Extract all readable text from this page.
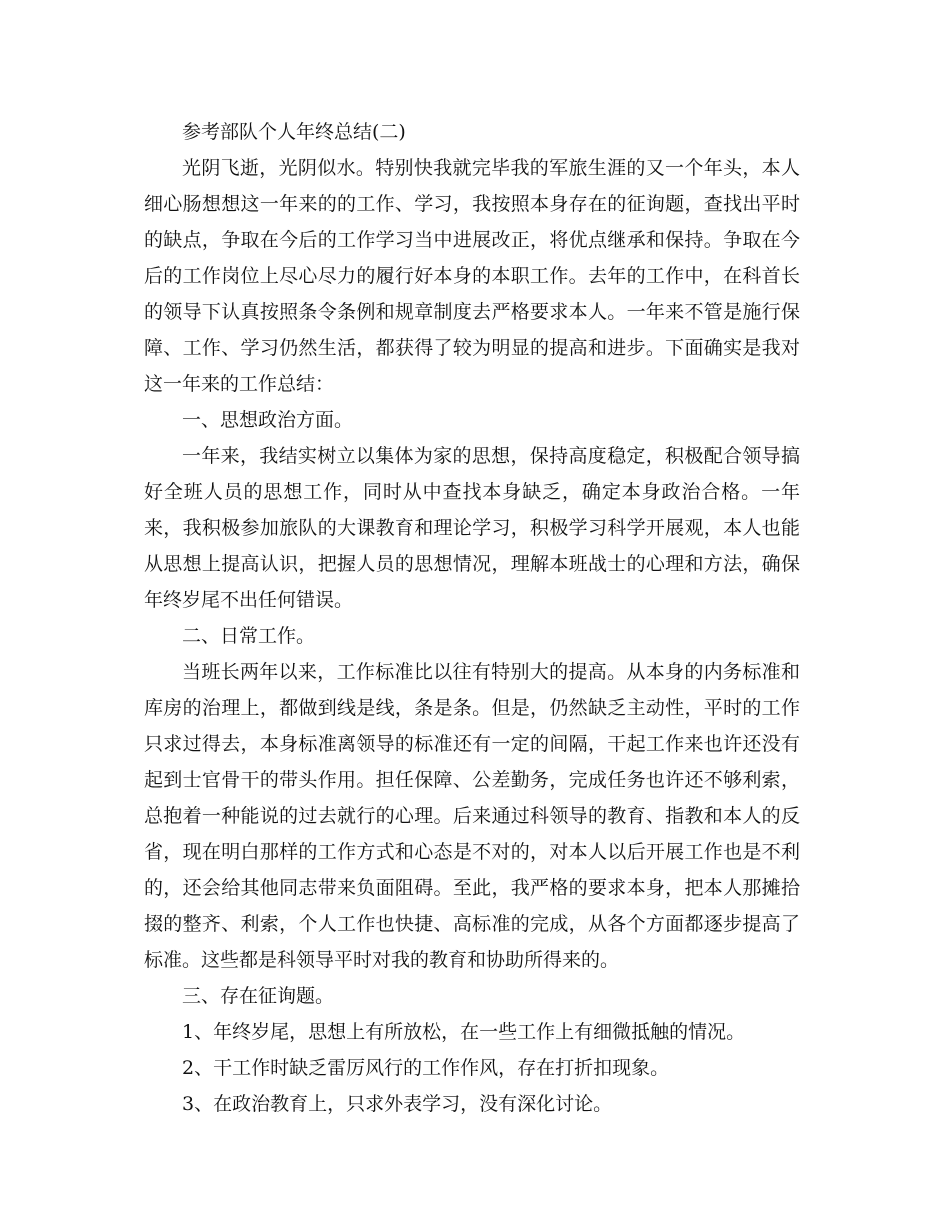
参考部队个人年终总结(二)

光阴飞逝，光阴似水。特别快我就完毕我的军旅生涯的又一个年头，本人细心肠想想这一年来的的工作、学习，我按照本身存在的征询题，查找出平时的缺点，争取在今后的工作学习当中进展改正，将优点继承和保持。争取在今后的工作岗位上尽心尽力的履行好本身的本职工作。去年的工作中，在科首长的领导下认真按照条令条例和规章制度去严格要求本人。一年来不管是施行保障、工作、学习仍然生活，都获得了较为明显的提高和进步。下面确实是我对这一年来的工作总结：

一、思想政治方面。

一年来，我结实树立以集体为家的思想，保持高度稳定，积极配合领导搞好全班人员的思想工作，同时从中查找本身缺乏，确定本身政治合格。一年来，我积极参加旅队的大课教育和理论学习，积极学习科学开展观，本人也能从思想上提高认识，把握人员的思想情况，理解本班战士的心理和方法，确保年终岁尾不出任何错误。

二、日常工作。

当班长两年以来，工作标准比以往有特别大的提高。从本身的内务标准和库房的治理上，都做到线是线，条是条。但是，仍然缺乏主动性，平时的工作只求过得去，本身标准离领导的标准还有一定的间隔，干起工作来也许还没有起到士官骨干的带头作用。担任保障、公差勤务，完成任务也许还不够利索，总抱着一种能说的过去就行的心理。后来通过科领导的教育、指教和本人的反省，现在明白那样的工作方式和心态是不对的，对本人以后开展工作也是不利的，还会给其他同志带来负面阻碍。至此，我严格的要求本身，把本人那摊拾掇的整齐、利索，个人工作也快捷、高标准的完成，从各个方面都逐步提高了标准。这些都是科领导平时对我的教育和协助所得来的。

三、存在征询题。

1、年终岁尾，思想上有所放松，在一些工作上有细微抵触的情况。

2、干工作时缺乏雷厉风行的工作作风，存在打折扣现象。

3、在政治教育上，只求外表学习，没有深化讨论。
